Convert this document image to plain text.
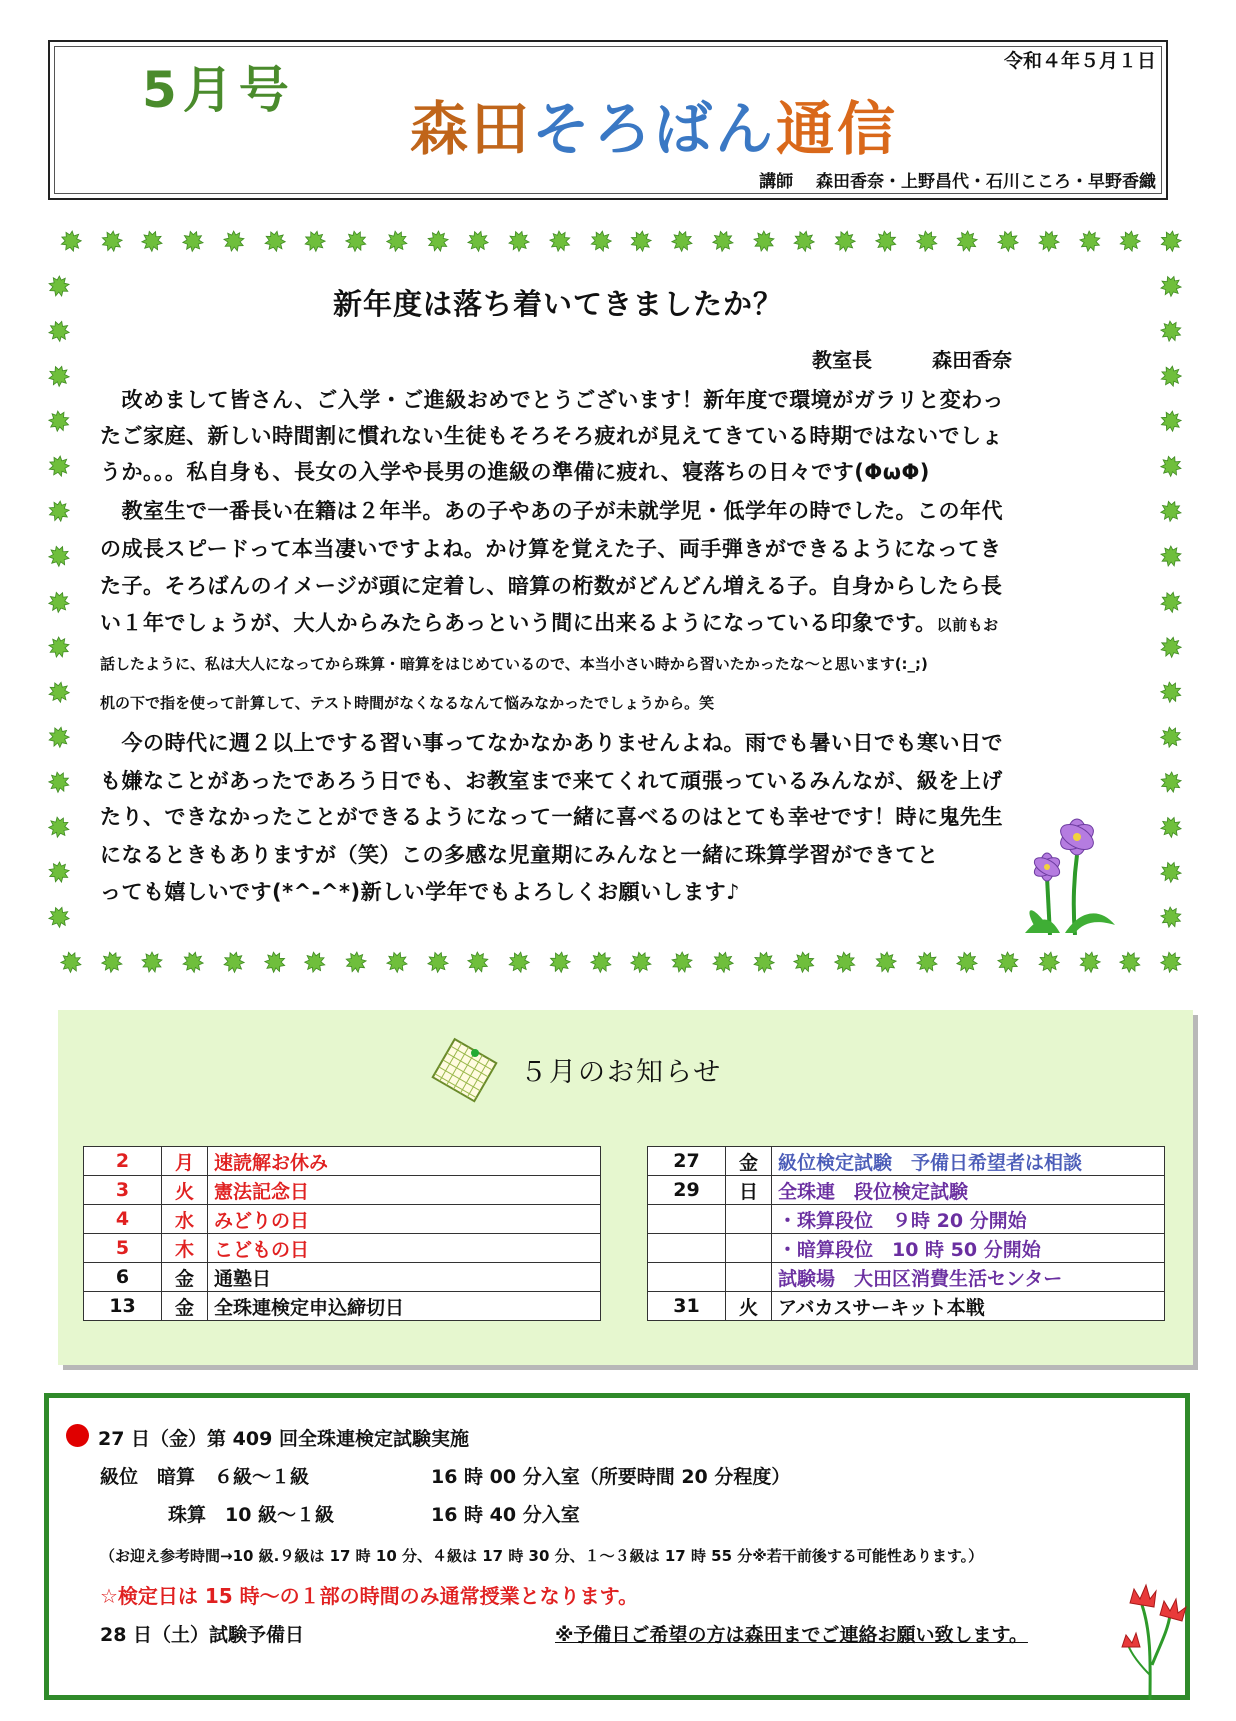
5月号	令和４年５月１日
森田そろばん通信
講師　 森田香奈・上野昌代・石川こころ・早野香織
新年度は落ち着いてきましたか？
教室長	森田香奈
　改めまして皆さん、ご入学・ご進級おめでとうございます！新年度で環境がガラリと変わっ
たご家庭、新しい時間割に慣れない生徒もそろそろ疲れが見えてきている時期ではないでしょ
うか。。。私自身も、長女の入学や長男の進級の準備に疲れ、寝落ちの日々です(ΦωΦ)
　教室生で一番長い在籍は２年半。あの子やあの子が未就学児・低学年の時でした。この年代
の成長スピードって本当凄いですよね。かけ算を覚えた子、両手弾きができるようになってき
た子。そろばんのイメージが頭に定着し、暗算の桁数がどんどん増える子。自身からしたら長
い１年でしょうが、大人からみたらあっという間に出来るようになっている印象です。以前もお
話したように、私は大人になってから珠算・暗算をはじめているので、本当小さい時から習いたかったな～と思います(:_;)
机の下で指を使って計算して、テスト時間がなくなるなんて悩みなかったでしょうから。笑
　今の時代に週２以上でする習い事ってなかなかありませんよね。雨でも暑い日でも寒い日で
も嫌なことがあったであろう日でも、お教室まで来てくれて頑張っているみんなが、級を上げ
たり、できなかったことができるようになって一緒に喜べるのはとても幸せです！時に鬼先生
になるときもありますが（笑）この多感な児童期にみんなと一緒に珠算学習ができてと
っても嬉しいです(*^-^*)新しい学年でもよろしくお願いします♪
５月のお知らせ
2	月	速読解お休み
3	火	憲法記念日
4	水	みどりの日
5	木	こどもの日
6	金	通塾日
13	金	全珠連検定申込締切日
27	金	級位検定試験　予備日希望者は相談
29	日	全珠連　段位検定試験
		・珠算段位　９時 20 分開始
		・暗算段位　10 時 50 分開始
		試験場　大田区消費生活センター
31	火	アバカスサーキット本戦
27 日（金）第 409 回全珠連検定試験実施
級位　暗算　６級～１級	16 時 00 分入室（所要時間 20 分程度）
珠算　10 級～１級	16 時 40 分入室
（お迎え参考時間→10 級.９級は 17 時 10 分、４級は 17 時 30 分、１～３級は 17 時 55 分※若干前後する可能性あります。）
☆検定日は 15 時～の１部の時間のみ通常授業となります。
28 日（土）試験予備日	※予備日ご希望の方は森田までご連絡お願い致します。
